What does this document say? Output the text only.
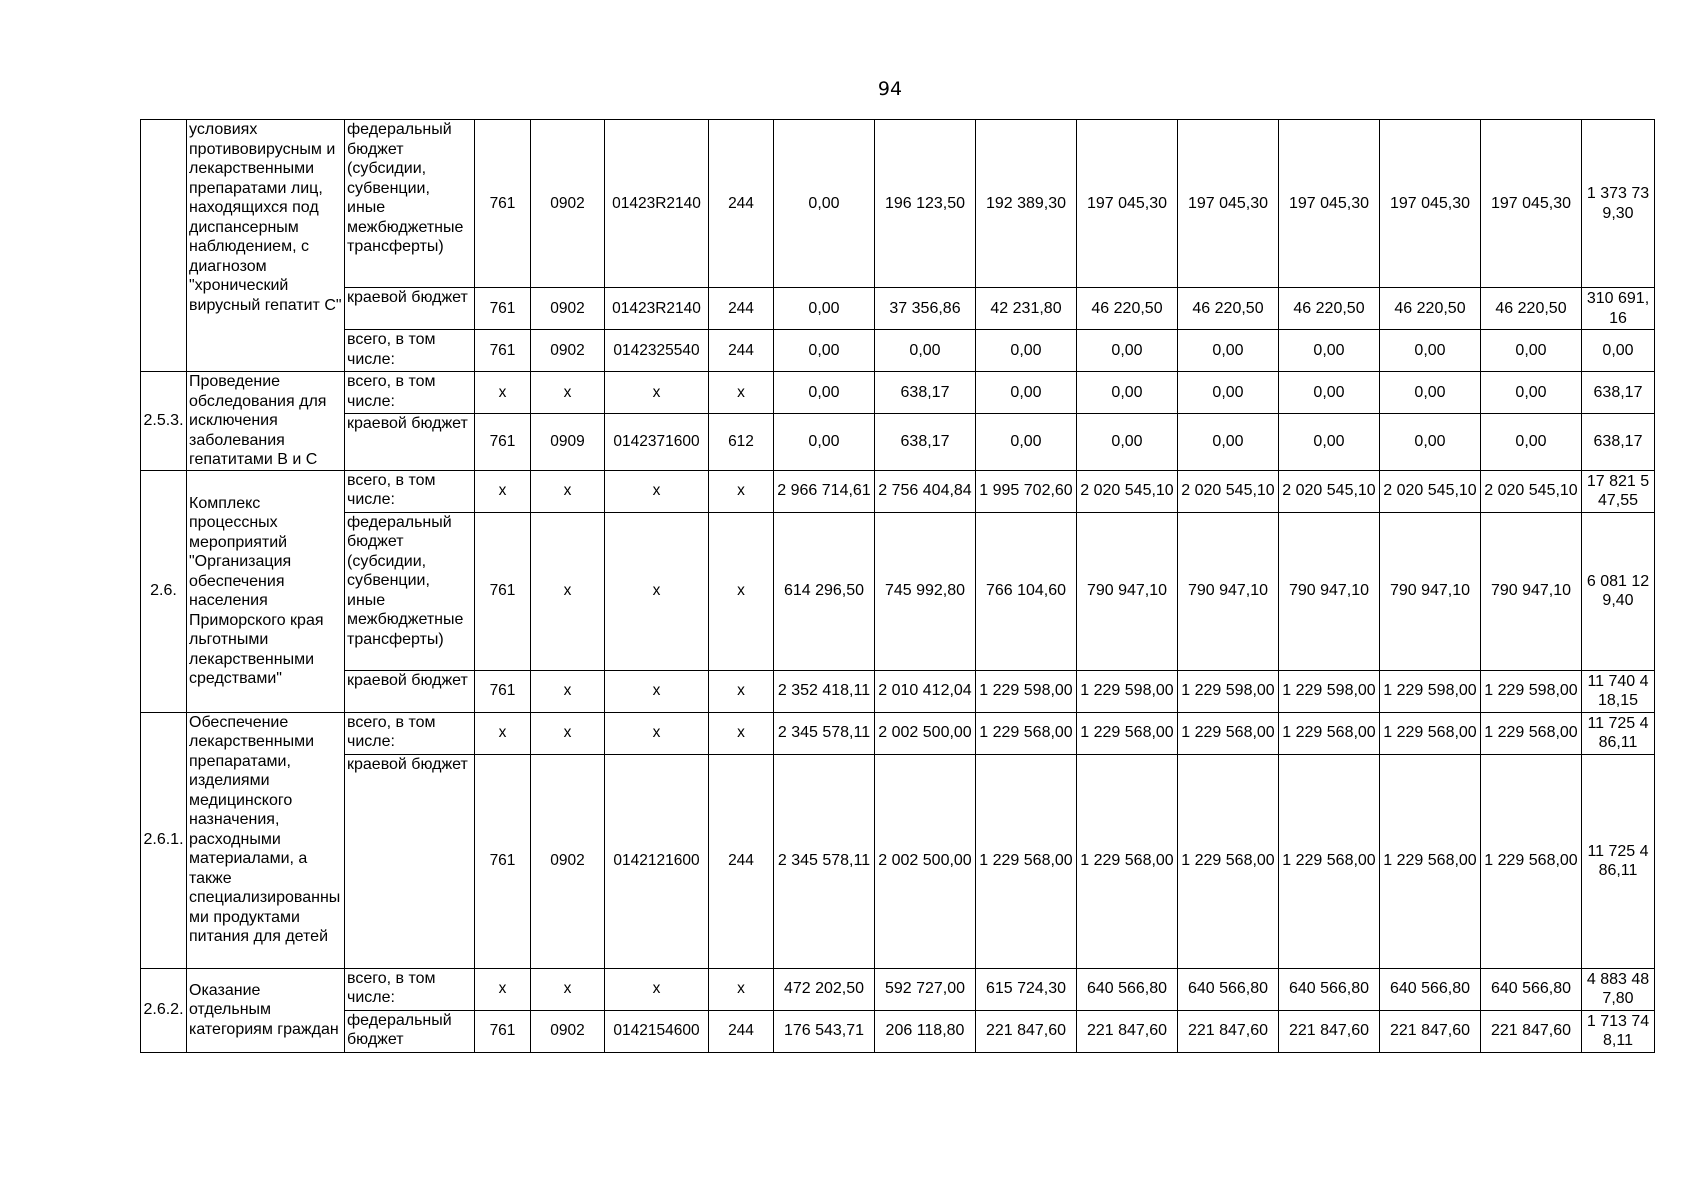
94
	условиях противовирусным и лекарственными препаратами лиц, находящихся под диспансерным наблюдением, с диагнозом "хронический вирусный гепатит С"	федеральный бюджет (субсидии, субвенции, иные межбюджетные трансферты)	761	0902	01423R2140	244	0,00	196 123,50	192 389,30	197 045,30	197 045,30	197 045,30	197 045,30	197 045,30	1 373 739,30
		краевой бюджет	761	0902	01423R2140	244	0,00	37 356,86	42 231,80	46 220,50	46 220,50	46 220,50	46 220,50	46 220,50	310 691,16
		всего, в том числе:	761	0902	0142325540	244	0,00	0,00	0,00	0,00	0,00	0,00	0,00	0,00	0,00
2.5.3.	Проведение обследования для исключения заболевания гепатитами В и С	всего, в том числе:	x	x	x	x	0,00	638,17	0,00	0,00	0,00	0,00	0,00	0,00	638,17
		краевой бюджет	761	0909	0142371600	612	0,00	638,17	0,00	0,00	0,00	0,00	0,00	0,00	638,17
2.6.	Комплекс процессных мероприятий "Организация обеспечения населения Приморского края льготными лекарственными средствами"	всего, в том числе:	x	x	x	x	2 966 714,61	2 756 404,84	1 995 702,60	2 020 545,10	2 020 545,10	2 020 545,10	2 020 545,10	2 020 545,10	17 821 547,55
		федеральный бюджет (субсидии, субвенции, иные межбюджетные трансферты)	761	x	x	x	614 296,50	745 992,80	766 104,60	790 947,10	790 947,10	790 947,10	790 947,10	790 947,10	6 081 129,40
		краевой бюджет	761	x	x	x	2 352 418,11	2 010 412,04	1 229 598,00	1 229 598,00	1 229 598,00	1 229 598,00	1 229 598,00	1 229 598,00	11 740 418,15
2.6.1.	Обеспечение лекарственными препаратами, изделиями медицинского назначения, расходными материалами, а также специализированными продуктами питания для детей	всего, в том числе:	x	x	x	x	2 345 578,11	2 002 500,00	1 229 568,00	1 229 568,00	1 229 568,00	1 229 568,00	1 229 568,00	1 229 568,00	11 725 486,11
		краевой бюджет	761	0902	0142121600	244	2 345 578,11	2 002 500,00	1 229 568,00	1 229 568,00	1 229 568,00	1 229 568,00	1 229 568,00	1 229 568,00	11 725 486,11
2.6.2.	Оказание отдельным категориям граждан	всего, в том числе:	x	x	x	x	472 202,50	592 727,00	615 724,30	640 566,80	640 566,80	640 566,80	640 566,80	640 566,80	4 883 487,80
		федеральный бюджет	761	0902	0142154600	244	176 543,71	206 118,80	221 847,60	221 847,60	221 847,60	221 847,60	221 847,60	221 847,60	1 713 748,11
